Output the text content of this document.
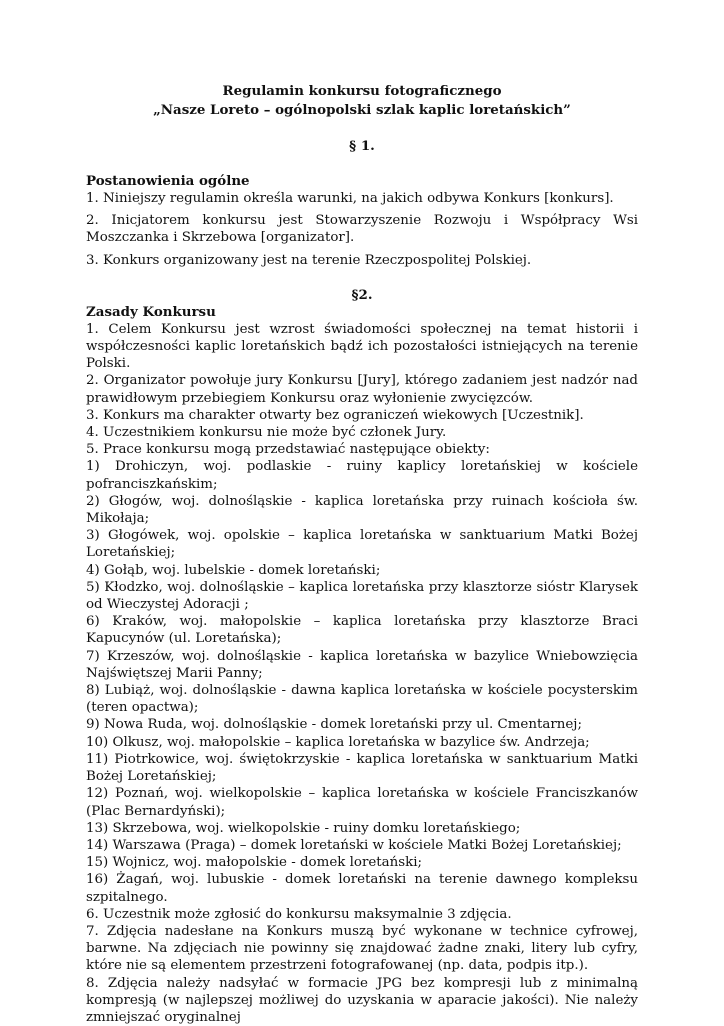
Regulamin konkursu fotograficznego
„Nasze Loreto – ogólnopolski szlak kaplic loretańskich”
§ 1.
Postanowienia ogólne

1. Niniejszy regulamin określa warunki, na jakich odbywa Konkurs [konkurs].

2. Inicjatorem konkursu jest Stowarzyszenie Rozwoju i Współpracy Wsi Moszczanka i Skrzebowa [organizator].

3. Konkurs organizowany jest na terenie Rzeczpospolitej Polskiej.

§2.
Zasady Konkursu

1. Celem Konkursu jest wzrost świadomości społecznej na temat historii i współczesności kaplic loretańskich bądź ich pozostałości istniejących na terenie Polski.

2. Organizator powołuje jury Konkursu [Jury], którego zadaniem jest nadzór nad prawidłowym przebiegiem Konkursu oraz wyłonienie zwycięzców.

3. Konkurs ma charakter otwarty bez ograniczeń wiekowych [Uczestnik].

4. Uczestnikiem konkursu nie może być członek Jury.

5. Prace konkursu mogą przedstawiać następujące obiekty:

1) Drohiczyn, woj. podlaskie - ruiny kaplicy loretańskiej w kościele pofranciszkańskim;

2) Głogów, woj. dolnośląskie - kaplica loretańska przy ruinach kościoła św. Mikołaja;

3) Głogówek, woj. opolskie – kaplica loretańska w sanktuarium Matki Bożej Loretańskiej;

4) Gołąb, woj. lubelskie - domek loretański;

5) Kłodzko, woj. dolnośląskie – kaplica loretańska przy klasztorze sióstr Klarysek od Wieczystej Adoracji ;

6) Kraków, woj. małopolskie – kaplica loretańska przy klasztorze Braci Kapucynów (ul. Loretańska);

7) Krzeszów, woj. dolnośląskie - kaplica loretańska w bazylice Wniebowzięcia Najświętszej Marii Panny;

8) Lubiąż, woj. dolnośląskie - dawna kaplica loretańska w kościele pocysterskim (teren opactwa);

9) Nowa Ruda, woj. dolnośląskie - domek loretański przy ul. Cmentarnej;

10) Olkusz, woj. małopolskie – kaplica loretańska w bazylice św. Andrzeja;

11) Piotrkowice, woj. świętokrzyskie - kaplica loretańska w sanktuarium Matki Bożej Loretańskiej;

12) Poznań, woj. wielkopolskie – kaplica loretańska w kościele Franciszkanów (Plac Bernardyński);

13) Skrzebowa, woj. wielkopolskie - ruiny domku loretańskiego;

14) Warszawa (Praga) – domek loretański w kościele Matki Bożej Loretańskiej;

15) Wojnicz, woj. małopolskie - domek loretański;

16) Żagań, woj. lubuskie - domek loretański na terenie dawnego kompleksu szpitalnego.

6. Uczestnik może zgłosić do konkursu maksymalnie 3 zdjęcia.

7. Zdjęcia nadesłane na Konkurs muszą być wykonane w technice cyfrowej, barwne. Na zdjęciach nie powinny się znajdować żadne znaki, litery lub cyfry, które nie są elementem przestrzeni fotografowanej (np. data, podpis itp.).

8. Zdjęcia należy nadsyłać w formacie JPG bez kompresji lub z minimalną kompresją (w najlepszej możliwej do uzyskania w aparacie jakości). Nie należy zmniejszać oryginalnej
